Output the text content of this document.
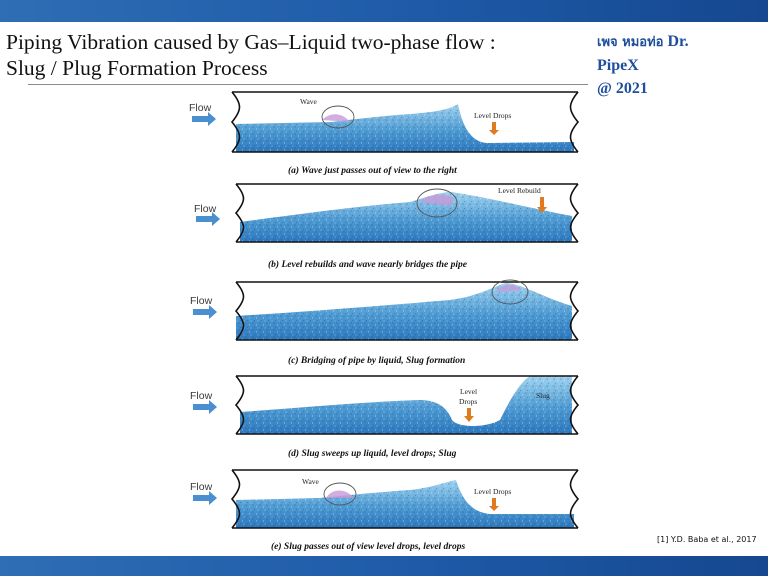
Piping Vibration caused by Gas–Liquid two-phase flow :
Slug / Plug Formation Process
เพจ หมอท่อ Dr.
PipeX
@ 2021
Flow
Wave
Level Drops
(a) Wave just passes out of view to the right
Flow
Level Rebuild
(b) Level rebuilds and wave nearly bridges the pipe
Flow
(c) Bridging of pipe by liquid, Slug formation
Flow	Level
Drops
Slug
(d) Slug sweeps up liquid, level drops; Slug
Flow	Wave
Level Drops
(e) Slug passes out of view level drops, level drops
[1] Y.D. Baba et al., 2017
